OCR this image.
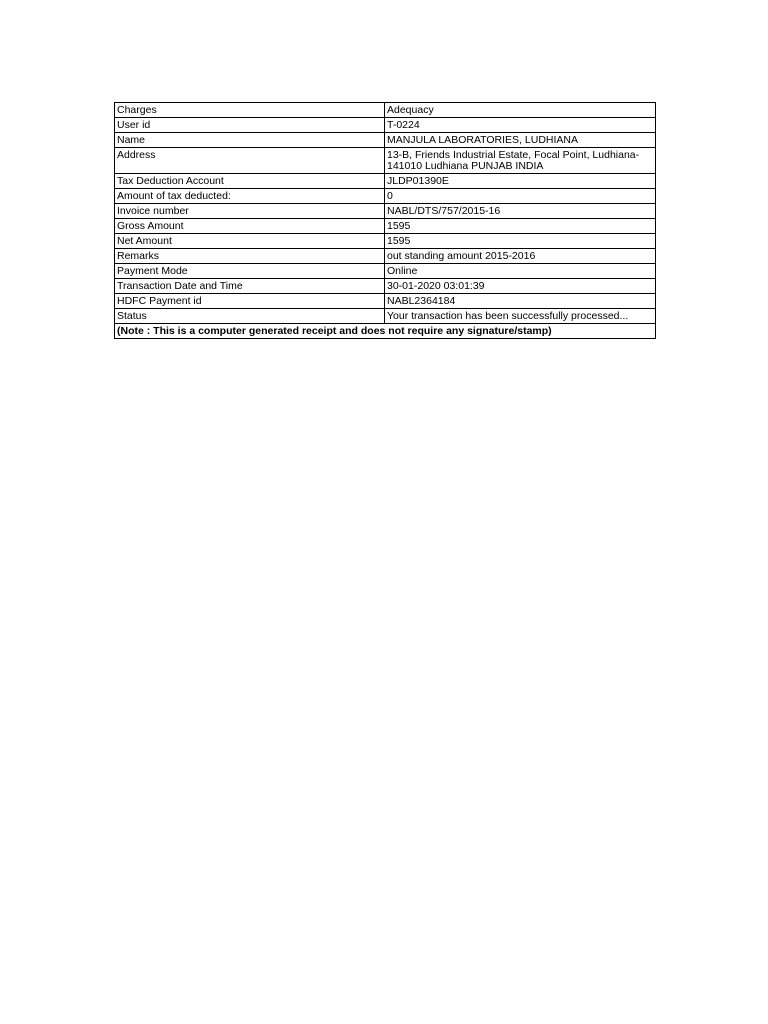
Charges	Adequacy
User id	T-0224
Name	MANJULA LABORATORIES, LUDHIANA
Address	13-B, Friends Industrial Estate, Focal Point, Ludhiana-141010 Ludhiana PUNJAB INDIA
Tax Deduction Account	JLDP01390E
Amount of tax deducted:	0
Invoice number	NABL/DTS/757/2015-16
Gross Amount	1595
Net Amount	1595
Remarks	out standing amount 2015-2016
Payment Mode	Online
Transaction Date and Time	30-01-2020 03:01:39
HDFC Payment id	NABL2364184
Status	Your transaction has been successfully processed...
(Note : This is a computer generated receipt and does not require any signature/stamp)	
